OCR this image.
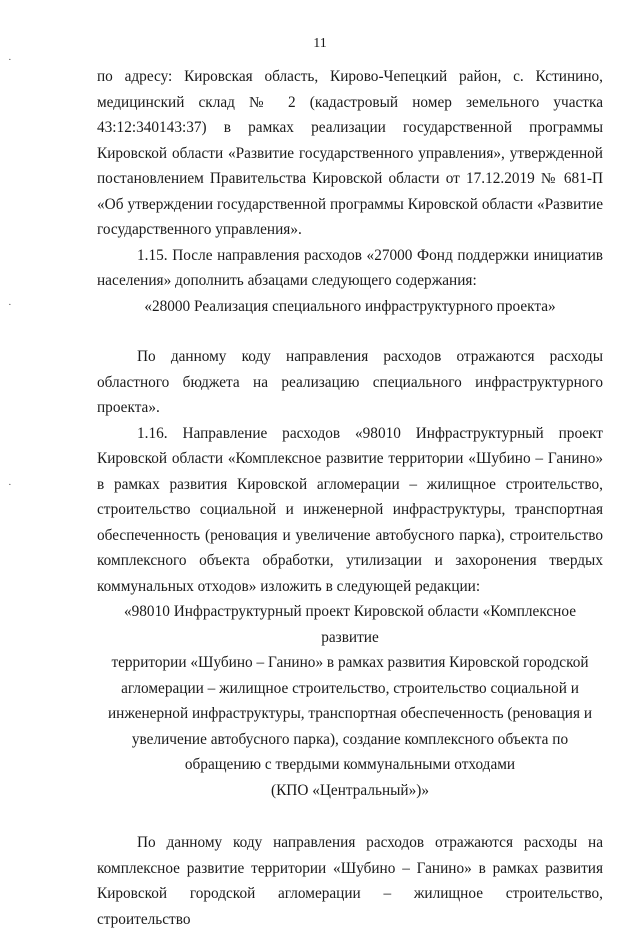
11

по адресу: Кировская область, Кирово-Чепецкий район, с. Кстинино, медицинский склад № 2 (кадастровый номер земельного участка 43:12:340143:37) в рамках реализации государственной программы Кировской области «Развитие государственного управления», утвержденной постановлением Правительства Кировской области от 17.12.2019 № 681-П «Об утверждении государственной программы Кировской области «Развитие государственного управления».

1.15. После направления расходов «27000 Фонд поддержки инициатив населения» дополнить абзацами следующего содержания:

«28000 Реализация специального инфраструктурного проекта»

По данному коду направления расходов отражаются расходы областного бюджета на реализацию специального инфраструктурного проекта».

1.16. Направление расходов «98010 Инфраструктурный проект Кировской области «Комплексное развитие территории «Шубино – Ганино» в рамках развития Кировской агломерации – жилищное строительство, строительство социальной и инженерной инфраструктуры, транспортная обеспеченность (реновация и увеличение автобусного парка), строительство комплексного объекта обработки, утилизации и захоронения твердых коммунальных отходов» изложить в следующей редакции:

«98010 Инфраструктурный проект Кировской области «Комплексное развитие

территории «Шубино – Ганино» в рамках развития Кировской городской

агломерации – жилищное строительство, строительство социальной и

инженерной инфраструктуры, транспортная обеспеченность (реновация и

увеличение автобусного парка), создание комплексного объекта по

обращению с твердыми коммунальными отходами

(КПО «Центральный»)»

По данному коду направления расходов отражаются расходы на комплексное развитие территории «Шубино – Ганино» в рамках развития Кировской городской агломерации – жилищное строительство, строительство

·
·
·
